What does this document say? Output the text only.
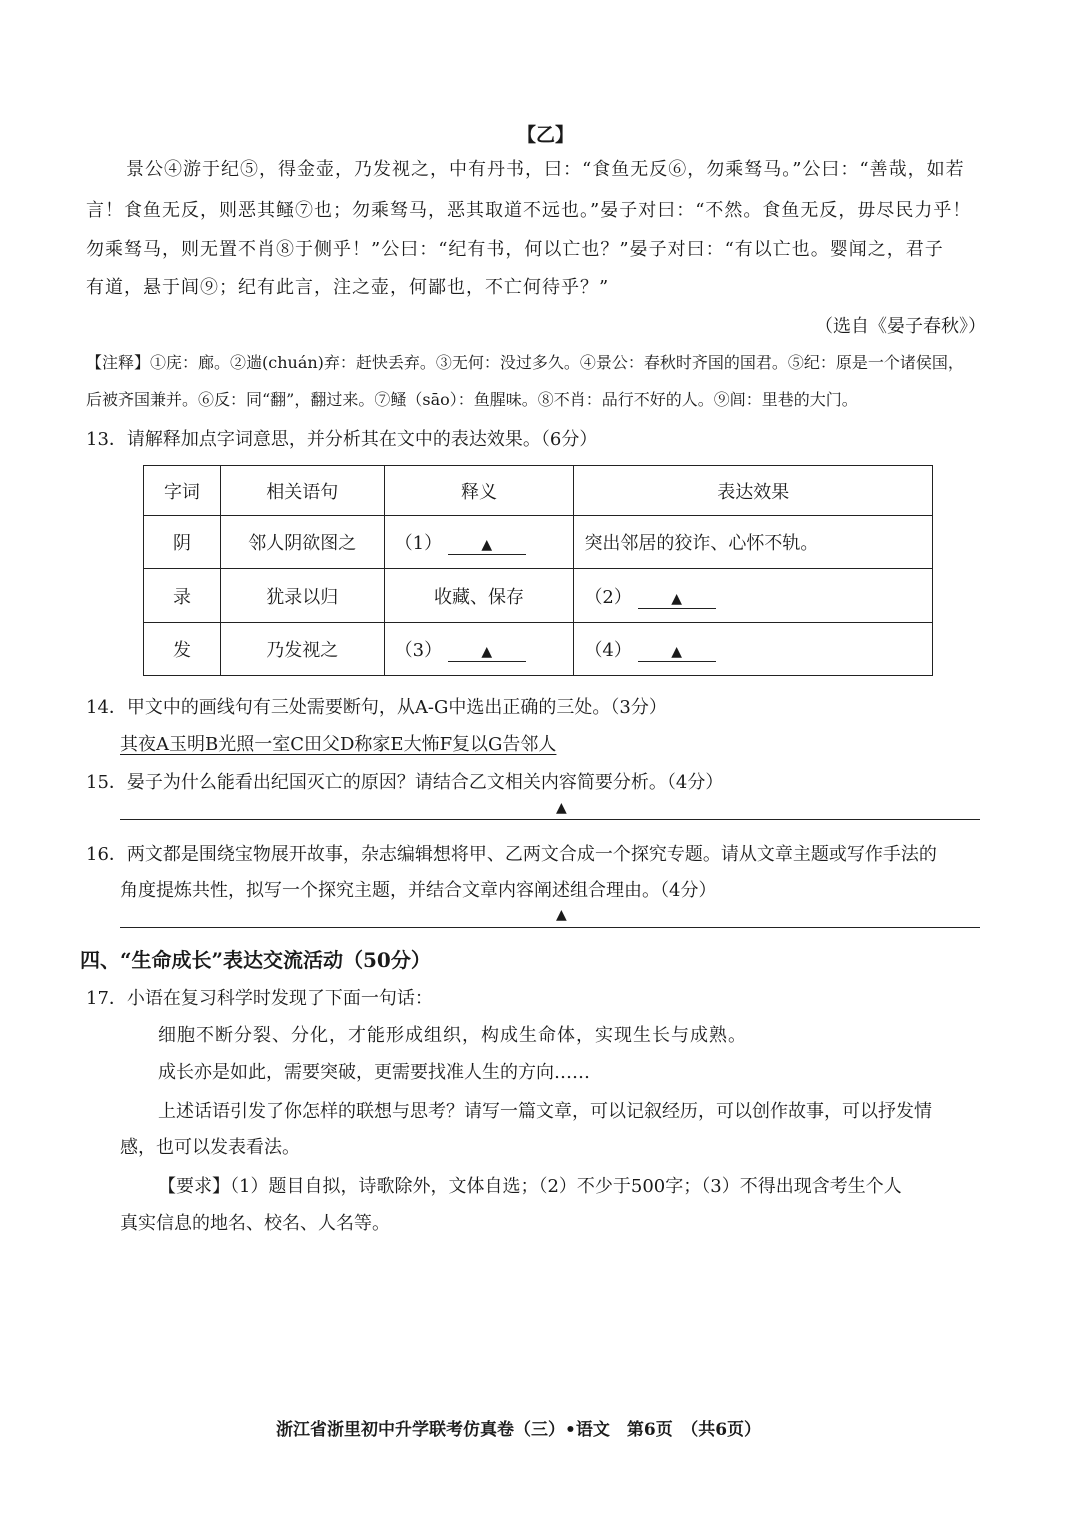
【乙】
景公④游于纪⑤，得金壶，乃发视之，中有丹书，曰：“食鱼无反⑥，勿乘驽马。”公曰：“善哉，如若
言！食鱼无反，则恶其鳋⑦也；勿乘驽马，恶其取道不远也。”晏子对曰：“不然。食鱼无反，毋尽民力乎！
勿乘驽马，则无置不肖⑧于侧乎！”公曰：“纪有书，何以亡也？”晏子对曰：“有以亡也。婴闻之，君子
有道，悬于闾⑨；纪有此言，注之壶，何鄙也，不亡何待乎？”
（选自《晏子春秋》）
【注释】①庑：廊。②遄(chuán)弃：赶快丢弃。③无何：没过多久。④景公：春秋时齐国的国君。⑤纪：原是一个诸侯国，
后被齐国兼并。⑥反：同“翻”，翻过来。⑦鳋（sāo）：鱼腥味。⑧不肖：品行不好的人。⑨闾：里巷的大门。
13．请解释加点字词意思，并分析其在文中的表达效果。（6分）
字词	相关语句	释义	表达效果
阴	邻人阴欲图之	（1） ▲	突出邻居的狡诈、心怀不轨。
录	犹录以归	收藏、保存	（2） ▲
发	乃发视之	（3） ▲	（4） ▲
14．甲文中的画线句有三处需要断句，从A-G中选出正确的三处。（3分）
其夜A玉明B光照一室C田父D称家E大怖F复以G告邻人
15．晏子为什么能看出纪国灭亡的原因？请结合乙文相关内容简要分析。（4分）
▲
16．两文都是围绕宝物展开故事，杂志编辑想将甲、乙两文合成一个探究专题。请从文章主题或写作手法的
角度提炼共性，拟写一个探究主题，并结合文章内容阐述组合理由。（4分）
▲
四、“生命成长”表达交流活动（50分）
17．小语在复习科学时发现了下面一句话：
细胞不断分裂、分化，才能形成组织，构成生命体，实现生长与成熟。
成长亦是如此，需要突破，更需要找准人生的方向……
上述话语引发了你怎样的联想与思考？请写一篇文章，可以记叙经历，可以创作故事，可以抒发情
感，也可以发表看法。
【要求】（1）题目自拟，诗歌除外，文体自选；（2）不少于500字；（3）不得出现含考生个人
真实信息的地名、校名、人名等。
浙江省浙里初中升学联考仿真卷（三）•语文　第6页　（共6页）
